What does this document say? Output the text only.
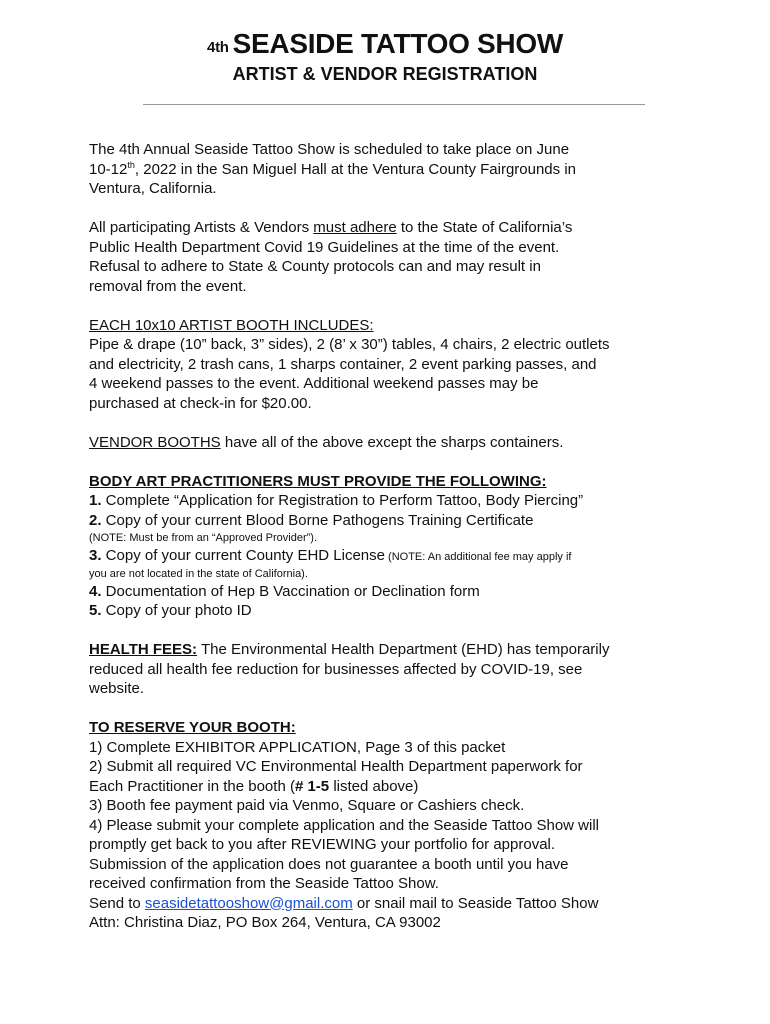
$^{4th}$ SEASIDE TATTOO SHOW
ARTIST & VENDOR REGISTRATION

The 4th Annual Seaside Tattoo Show is scheduled to take place on June

10-12th, 2022 in the San Miguel Hall at the Ventura County Fairgrounds in

Ventura, California.

All participating Artists & Vendors must adhere to the State of California’s

Public Health Department Covid 19 Guidelines at the time of the event.

Refusal to adhere to State & County protocols can and may result in

removal from the event.

EACH 10x10 ARTIST BOOTH INCLUDES:

Pipe & drape (10” back, 3” sides), 2 (8’ x 30”) tables, 4 chairs, 2 electric outlets

and electricity, 2 trash cans, 1 sharps container, 2 event parking passes, and

4 weekend passes to the event. Additional weekend passes may be

purchased at check-in for $20.00.

VENDOR BOOTHS have all of the above except the sharps containers.

BODY ART PRACTITIONERS MUST PROVIDE THE FOLLOWING:

1. Complete “Application for Registration to Perform Tattoo, Body Piercing”

2. Copy of your current Blood Borne Pathogens Training Certificate

(NOTE: Must be from an “Approved Provider”).

3. Copy of your current County EHD License (NOTE: An additional fee may apply if

you are not located in the state of California).

4. Documentation of Hep B Vaccination or Declination form

5. Copy of your photo ID

HEALTH FEES: The Environmental Health Department (EHD) has temporarily

reduced all health fee reduction for businesses affected by COVID-19, see

website.

TO RESERVE YOUR BOOTH:

1) Complete EXHIBITOR APPLICATION, Page 3 of this packet

2) Submit all required VC Environmental Health Department paperwork for

Each Practitioner in the booth (# 1-5 listed above)

3) Booth fee payment paid via Venmo, Square or Cashiers check.

4) Please submit your complete application and the Seaside Tattoo Show will

promptly get back to you after REVIEWING your portfolio for approval.

Submission of the application does not guarantee a booth until you have

received confirmation from the Seaside Tattoo Show.

Send to seasidetattooshow@gmail.com or snail mail to Seaside Tattoo Show

Attn: Christina Diaz, PO Box 264, Ventura, CA 93002
